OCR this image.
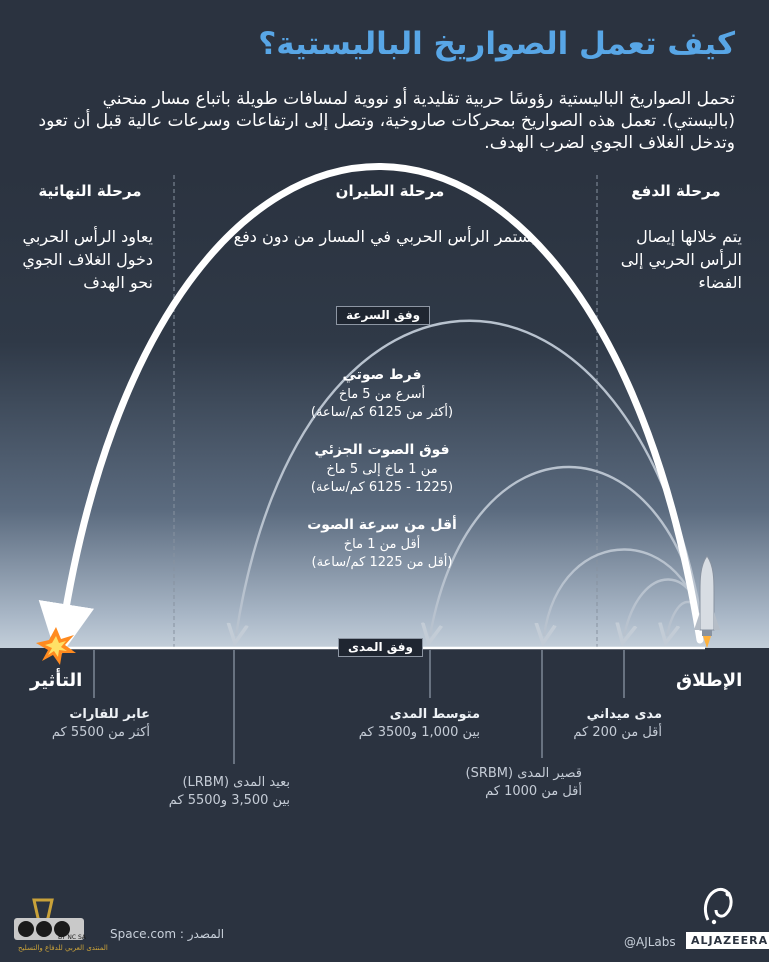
كيف تعمل الصواريخ الباليستية؟
تحمل الصواريخ الباليستية رؤوسًا حربية تقليدية أو نووية لمسافات طويلة باتباع مسار منحني (باليستي). تعمل هذه الصواريخ بمحركات صاروخية، وتصل إلى ارتفاعات وسرعات عالية قبل أن تعود وتدخل الغلاف الجوي لضرب الهدف.
مرحلة الدفع
مرحلة الطيران
مرحلة النهائية
يتم خلالها إيصال الرأس الحربي إلى الفضاء
يستمر الرأس الحربي في المسار من دون دفع
يعاود الرأس الحربي دخول الغلاف الجوي نحو الهدف
وفق السرعة
فرط صوتي
أسرع من 5 ماخ
(أكثر من 6125 كم/ساعة)
فوق الصوت الجزئي
من 1 ماخ إلى 5 ماخ
(1225 - 6125 كم/ساعة)
أقل من سرعة الصوت
أقل من 1 ماخ
(أقل من 1225 كم/ساعة)
وفق المدى
الإطلاق
التأثير
مدى ميداني
أقل من 200 كم
قصير المدى (SRBM)
أقل من 1000 كم
متوسط المدى
بين 1,000 و3500 كم
بعيد المدى (LRBM)
بين 3,500 و5500 كم
عابر للقارات
أكثر من 5500 كم
المصدر : Space.com
@AJLabs	ALJAZEERA
المنتدى العربي للدفاع والتسليح
BY NC SA
